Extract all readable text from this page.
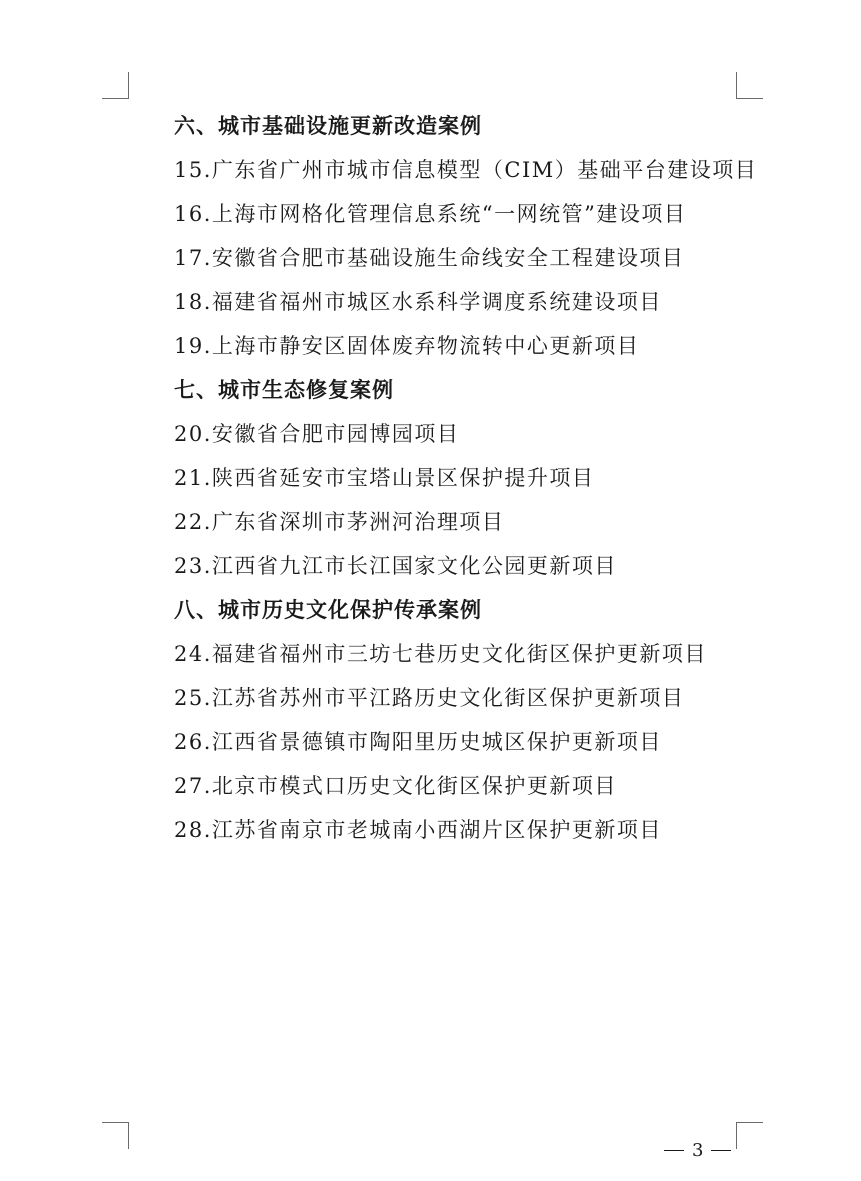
六、城市基础设施更新改造案例
15.广东省广州市城市信息模型（CIM）基础平台建设项目
16.上海市网格化管理信息系统“一网统管”建设项目
17.安徽省合肥市基础设施生命线安全工程建设项目
18.福建省福州市城区水系科学调度系统建设项目
19.上海市静安区固体废弃物流转中心更新项目
七、城市生态修复案例
20.安徽省合肥市园博园项目
21.陕西省延安市宝塔山景区保护提升项目
22.广东省深圳市茅洲河治理项目
23.江西省九江市长江国家文化公园更新项目
八、城市历史文化保护传承案例
24.福建省福州市三坊七巷历史文化街区保护更新项目
25.江苏省苏州市平江路历史文化街区保护更新项目
26.江西省景德镇市陶阳里历史城区保护更新项目
27.北京市模式口历史文化街区保护更新项目
28.江苏省南京市老城南小西湖片区保护更新项目
3
